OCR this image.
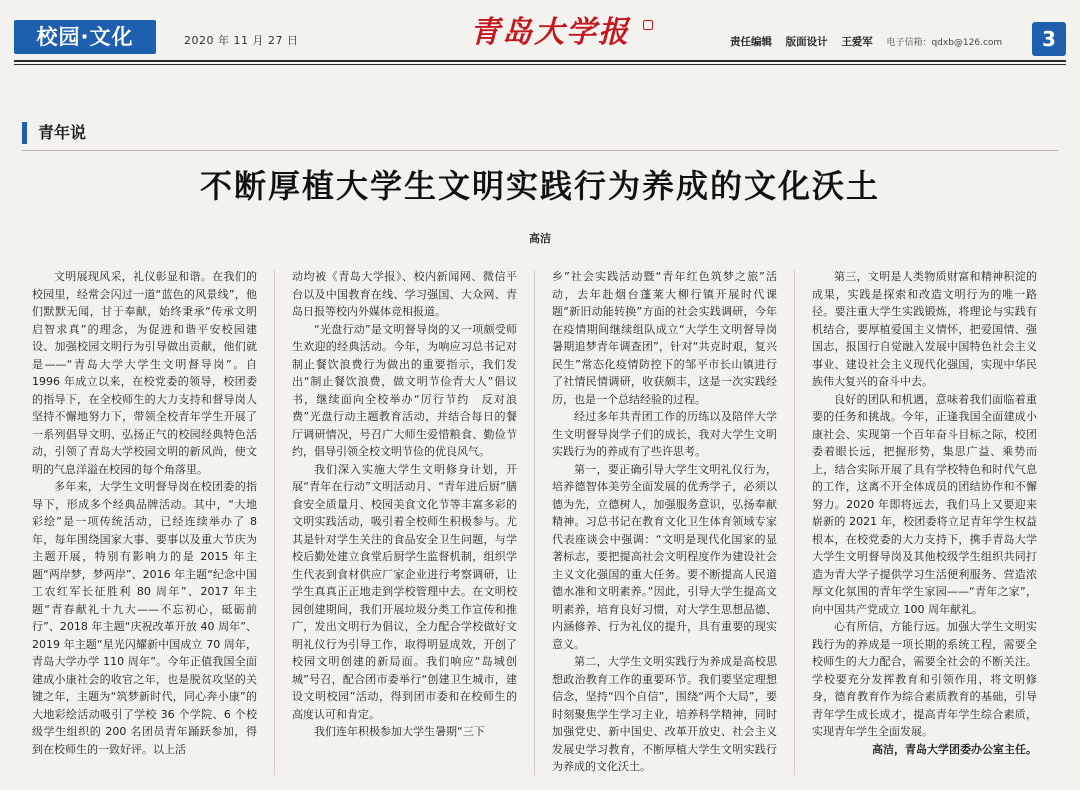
校园·文化	2020 年 11 月 27 日	青岛大学报	责任编辑 版面设计 王爱军 电子信箱：qdxb@126.com	3
青年说
不断厚植大学生文明实践行为养成的文化沃土
高洁

文明展现风采，礼仪彰显和谐。在我们的校园里，经常会闪过一道“蓝色的风景线”，他们默默无闻，甘于奉献，始终秉承“传承文明　启智求真”的理念，为促进和谐平安校园建设、加强校园文明行为引导做出贡献，他们就是——“青岛大学大学生文明督导岗”。自 1996 年成立以来，在校党委的领导，校团委的指导下，在全校师生的大力支持和督导岗人坚持不懈地努力下，带领全校青年学生开展了一系列倡导文明、弘扬正气的校园经典特色活动，引领了青岛大学校园文明的新风尚，使文明的气息洋溢在校园的每个角落里。

多年来，大学生文明督导岗在校团委的指导下，形成多个经典品牌活动。其中，“大地彩绘”是一项传统活动，已经连续举办了 8 年，每年围绕国家大事、要事以及重大节庆为主题开展，特别有影响力的是 2015 年主题“两岸梦，梦两岸”、2016 年主题“纪念中国工农红军长征胜利 80 周年”、2017 年主题“青春献礼十九大——不忘初心，砥砺前行”、2018 年主题“庆祝改革开放 40 周年”、2019 年主题“星光闪耀新中国成立 70 周年，青岛大学办学 110 周年”。今年正值我国全面建成小康社会的收官之年，也是脱贫攻坚的关键之年，主题为“筑梦新时代，同心奔小康”的大地彩绘活动吸引了学校 36 个学院、6 个校级学生组织的 200 名团员青年踊跃参加，得到在校师生的一致好评。以上活

动均被《青岛大学报》、校内新闻网、微信平台以及中国教育在线、学习强国、大众网、青岛日报等校内外媒体竞相报道。

“光盘行动”是文明督导岗的又一项颇受师生欢迎的经典活动。今年，为响应习总书记对制止餐饮浪费行为做出的重要指示，我们发出“制止餐饮浪费，做文明节俭青大人”倡议书，继续面向全校举办“厉行节约　反对浪费”光盘行动主题教育活动，并结合每日的餐厅调研情况，号召广大师生爱惜粮食、勤俭节约，倡导引领全校文明节俭的优良风气。

我们深入实施大学生文明修身计划，开展“青年在行动”文明活动月、“青年进后厨”膳食安全质量月、校园美食文化节等丰富多彩的文明实践活动，吸引着全校师生积极参与。尤其是针对学生关注的食品安全卫生问题，与学校后勤处建立食堂后厨学生监督机制，组织学生代表到食材供应厂家企业进行考察调研，让学生真真正正地走到学校管理中去。在文明校园创建期间，我们开展垃圾分类工作宣传和推广，发出文明行为倡议，全力配合学校做好文明礼仪行为引导工作，取得明显成效，开创了校园文明创建的新局面。我们响应“岛城创城”号召，配合团市委举行“创建卫生城市，建设文明校园”活动，得到团市委和在校师生的高度认可和肯定。

我们连年积极参加大学生暑期“三下

乡”社会实践活动暨“青年红色筑梦之旅”活动，去年赴烟台蓬莱大柳行镇开展时代课题“新旧动能转换”方面的社会实践调研，今年在疫情期间继续组队成立“大学生文明督导岗暑期追梦青年调查团”，针对“共克时艰，复兴民生”常态化疫情防控下的邹平市长山镇进行了社情民情调研，收获颇丰，这是一次实践经历，也是一个总结经验的过程。

经过多年共青团工作的历练以及陪伴大学生文明督导岗学子们的成长，我对大学生文明实践行为的养成有了些许思考。

第一，要正确引导大学生文明礼仪行为，培养德智体美劳全面发展的优秀学子，必须以德为先，立德树人，加强服务意识，弘扬奉献精神。习总书记在教育文化卫生体育领域专家代表座谈会中强调：“文明是现代化国家的显著标志，要把提高社会文明程度作为建设社会主义文化强国的重大任务。要不断提高人民道德水准和文明素养。”因此，引导大学生提高文明素养，培育良好习惯，对大学生思想品德、内涵修养、行为礼仪的提升，具有重要的现实意义。

第二，大学生文明实践行为养成是高校思想政治教育工作的重要环节。我们要坚定理想信念，坚持“四个自信”，围绕“两个大局”，要时刻聚焦学生学习主业，培养科学精神，同时加强党史、新中国史、改革开放史、社会主义发展史学习教育，不断厚植大学生文明实践行为养成的文化沃土。

第三，文明是人类物质财富和精神积淀的成果，实践是探索和改造文明行为的唯一路径。要注重大学生实践锻炼，将理论与实践有机结合，要厚植爱国主义情怀，把爱国情、强国志，报国行自觉融入发展中国特色社会主义事业、建设社会主义现代化强国，实现中华民族伟大复兴的奋斗中去。

良好的团队和机遇，意味着我们面临着重要的任务和挑战。今年，正逢我国全面建成小康社会、实现第一个百年奋斗目标之际，校团委着眼长远，把握形势，集思广益、乘势而上，结合实际开展了具有学校特色和时代气息的工作，这离不开全体成员的团结协作和不懈努力。2020 年即将远去，我们马上又要迎来崭新的 2021 年，校团委将立足青年学生权益根本，在校党委的大力支持下，携手青岛大学大学生文明督导岗及其他校级学生组织共同打造为青大学子提供学习生活便利服务、营造浓厚文化氛围的青年学生家园——“青年之家”，向中国共产党成立 100 周年献礼。

心有所信，方能行远。加强大学生文明实践行为的养成是一项长期的系统工程，需要全校师生的大力配合，需要全社会的不断关注。学校要充分发挥教育和引领作用，将文明修身，德育教育作为综合素质教育的基础，引导青年学生成长成才，提高青年学生综合素质，实现青年学生全面发展。

高洁，青岛大学团委办公室主任。
